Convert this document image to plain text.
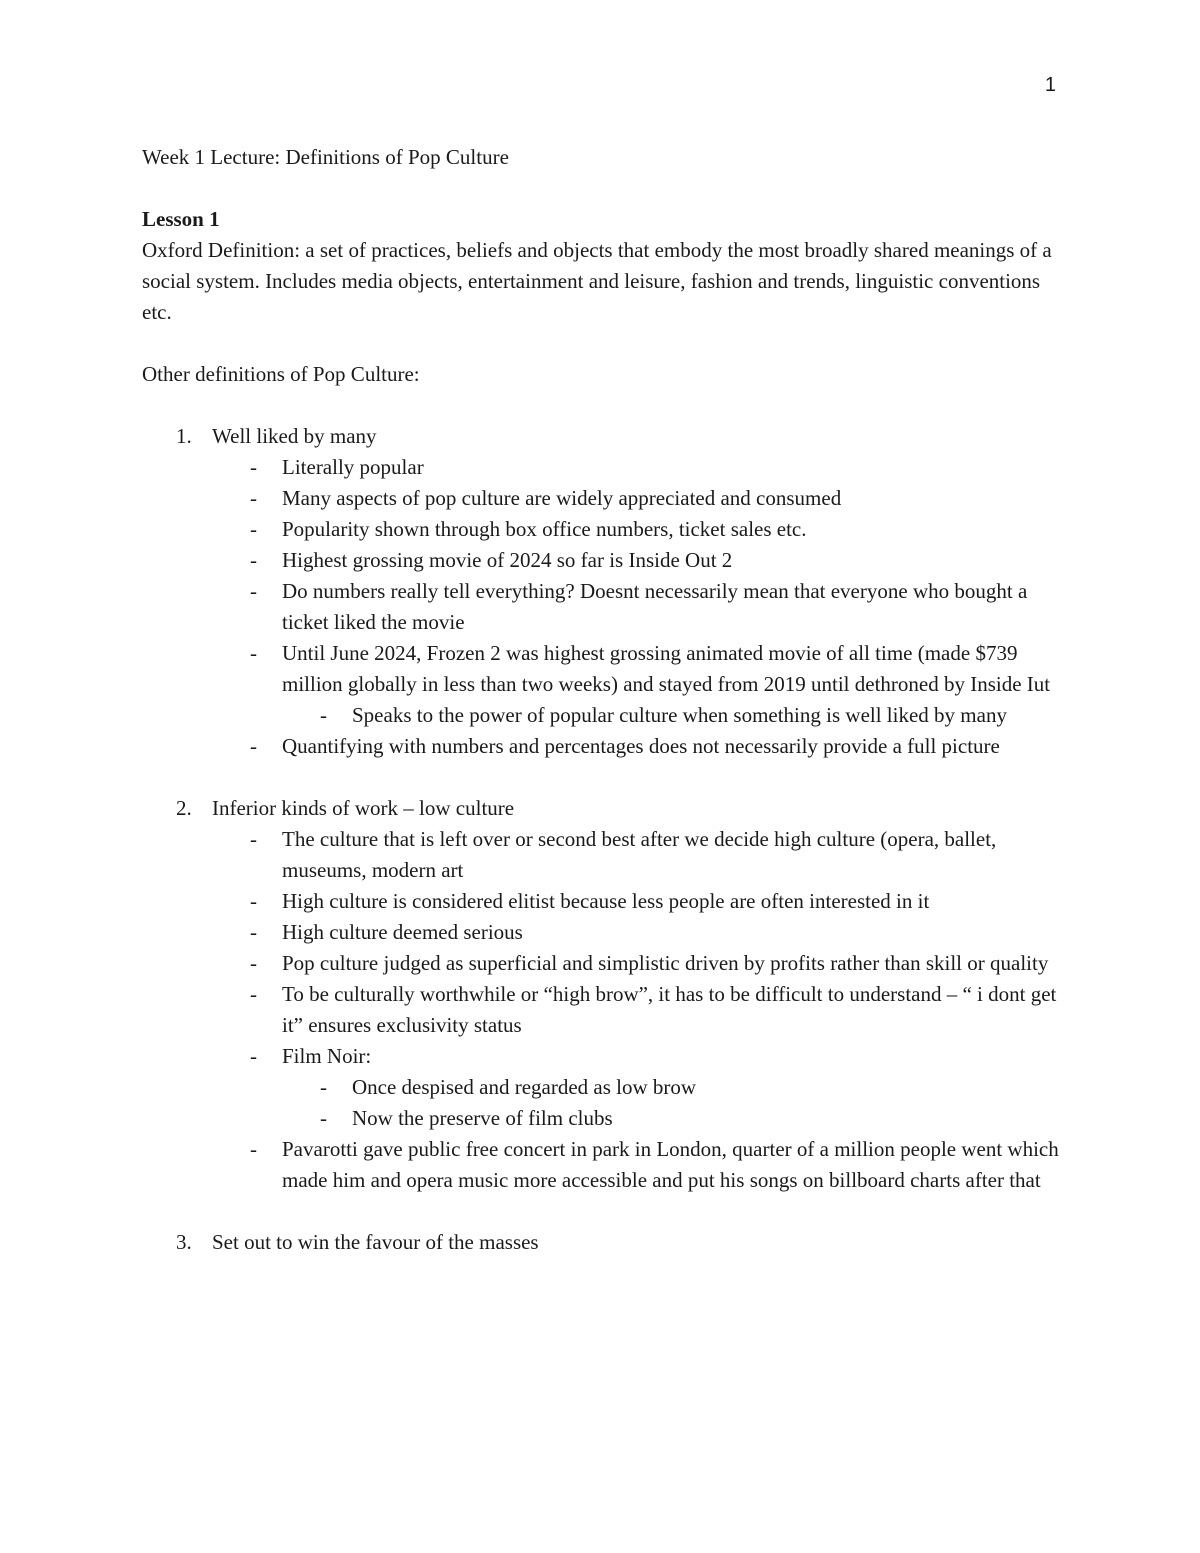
1

Week 1 Lecture: Definitions of Pop Culture

Lesson 1

Oxford Definition: a set of practices, beliefs and objects that embody the most broadly shared meanings of a social system. Includes media objects, entertainment and leisure, fashion and trends, linguistic conventions etc.

Other definitions of Pop Culture:

1. Well liked by many
- Literally popular
- Many aspects of pop culture are widely appreciated and consumed
- Popularity shown through box office numbers, ticket sales etc.
- Highest grossing movie of 2024 so far is Inside Out 2
- Do numbers really tell everything? Doesnt necessarily mean that everyone who bought a ticket liked the movie
- Until June 2024, Frozen 2 was highest grossing animated movie of all time (made $739 million globally in less than two weeks) and stayed from 2019 until dethroned by Inside Iut
- Speaks to the power of popular culture when something is well liked by many
- Quantifying with numbers and percentages does not necessarily provide a full picture
2. Inferior kinds of work – low culture
- The culture that is left over or second best after we decide high culture (opera, ballet, museums, modern art
- High culture is considered elitist because less people are often interested in it
- High culture deemed serious
- Pop culture judged as superficial and simplistic driven by profits rather than skill or quality
- To be culturally worthwhile or “high brow”, it has to be difficult to understand – “ i dont get it” ensures exclusivity status
- Film Noir:
- Once despised and regarded as low brow
- Now the preserve of film clubs
- Pavarotti gave public free concert in park in London, quarter of a million people went which made him and opera music more accessible and put his songs on billboard charts after that
3. Set out to win the favour of the masses
